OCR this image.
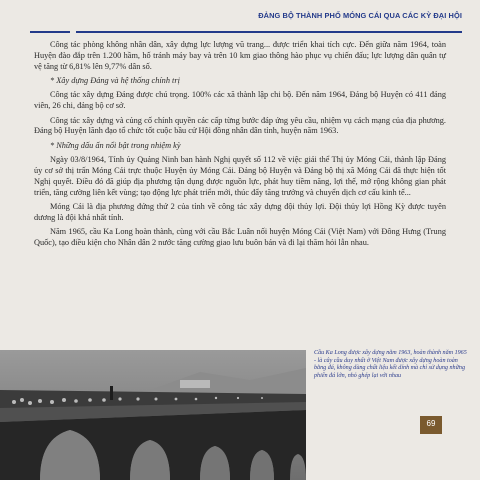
ĐẢNG BỘ THÀNH PHỐ MÓNG CÁI QUA CÁC KỲ ĐẠI HỘI

Công tác phòng không nhân dân, xây dựng lực lượng vũ trang... được triển khai tích cực. Đến giữa năm 1964, toàn Huyện đào đắp trên 1.200 hầm, hố tránh máy bay và trên 10 km giao thông hào phục vụ chiến đấu; lực lượng dân quân tự vệ tăng từ 6,81% lên 9,77% dân số.

* Xây dựng Đảng và hệ thống chính trị

Công tác xây dựng Đảng được chú trọng. 100% các xã thành lập chi bộ. Đến năm 1964, Đảng bộ Huyện có 411 đảng viên, 26 chi, đảng bộ cơ sở.

Công tác xây dựng và củng cố chính quyền các cấp từng bước đáp ứng yêu cầu, nhiệm vụ cách mạng của địa phương. Đảng bộ Huyện lãnh đạo tổ chức tốt cuộc bầu cử Hội đồng nhân dân tỉnh, huyện năm 1963.

* Những dấu ấn nổi bật trong nhiệm kỳ

Ngày 03/8/1964, Tỉnh ủy Quảng Ninh ban hành Nghị quyết số 112 về việc giải thể Thị ủy Móng Cái, thành lập Đảng ủy cơ sở thị trấn Móng Cái trực thuộc Huyện ủy Móng Cái. Đảng bộ Huyện và Đảng bộ thị xã Móng Cái đã thực hiện tốt Nghị quyết. Điều đó đã giúp địa phương tận dụng được nguồn lực, phát huy tiềm năng, lợi thế, mở rộng không gian phát triển, tăng cường liên kết vùng; tạo động lực phát triển mới, thúc đẩy tăng trưởng và chuyển dịch cơ cấu kinh tế...

Móng Cái là địa phương đứng thứ 2 của tỉnh về công tác xây dựng đội thủy lợi. Đội thủy lợi Hồng Kỳ được tuyên dương là đội khá nhất tỉnh.

Năm 1965, cầu Ka Long hoàn thành, cùng với cầu Bắc Luân nối huyện Móng Cái (Việt Nam) với Đông Hưng (Trung Quốc), tạo điều kiện cho Nhân dân 2 nước tăng cường giao lưu buôn bán và đi lại thăm hỏi lẫn nhau.

Cầu Ka Long được xây dựng năm 1963, hoàn thành năm 1965 - là cây cầu duy nhất ở Việt Nam được xây dựng hoàn toàn bằng đá, không dùng chất liệu kết dính mà chỉ sử dụng những phiến đá lớn, nhỏ ghép lại với nhau
69
